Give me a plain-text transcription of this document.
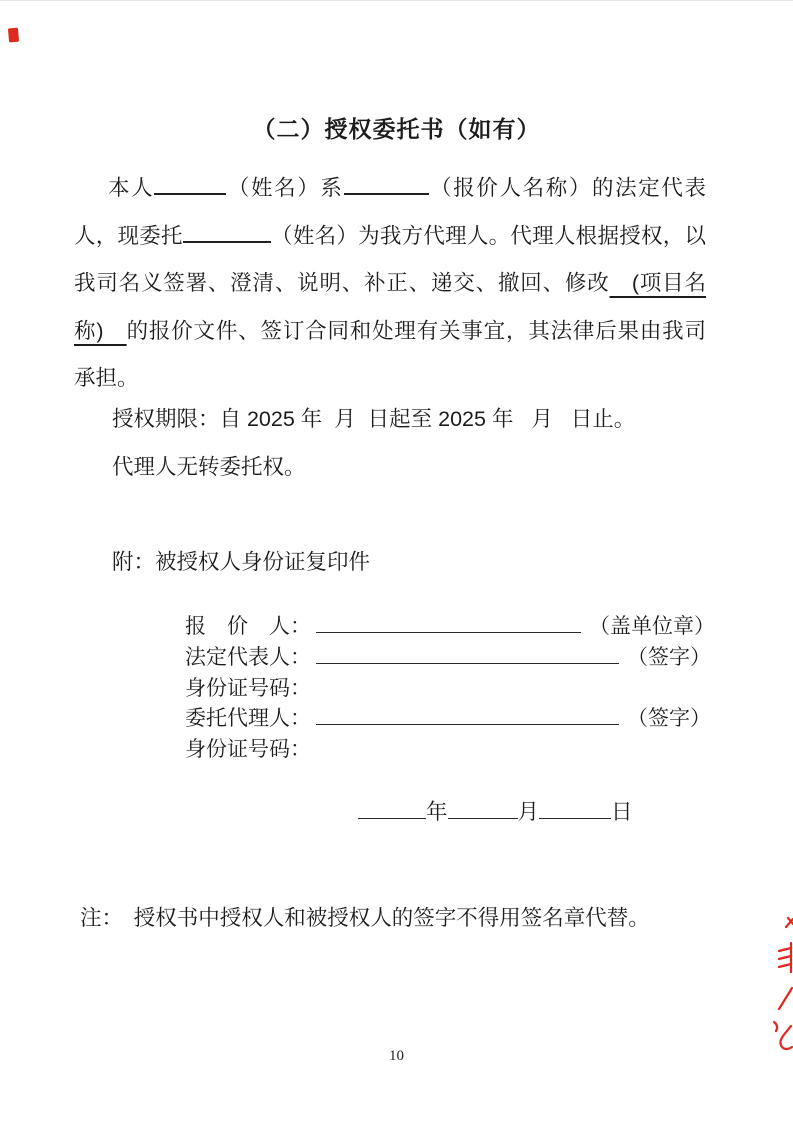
（二）授权委托书（如有）
本人	（姓名）系	（报价人名称）的法定代表
人，现委托	（姓名）为我方代理人。代理人根据授权，以
我司名义签署、澄清、说明、补正、递交、撤回、修改　(项目名
称)　的报价文件、签订合同和处理有关事宜，其法律后果由我司
承担。
授权期限：自 2025 年  月  日起至 2025 年   月   日止。
代理人无转委托权。
附：被授权人身份证复印件
报　价　人：	（盖单位章）
法定代表人：	（签字）
身份证号码：
委托代理人：	（签字）
身份证号码：
年	月	日
注：　授权书中授权人和被授权人的签字不得用签名章代替。
10
